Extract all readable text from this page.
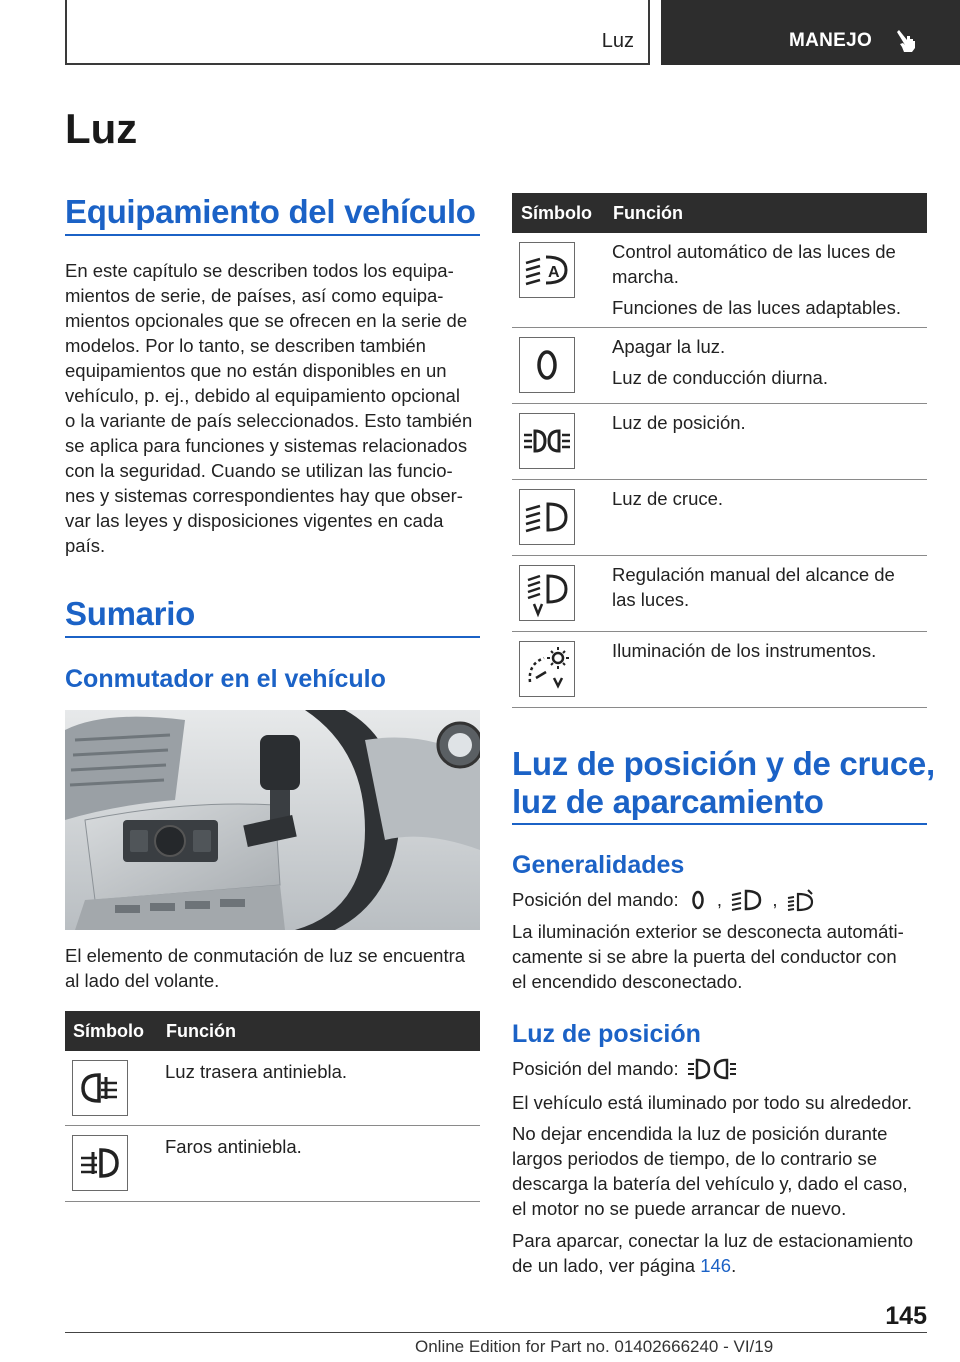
Luz	MANEJO
Luz
Equipamiento del vehículo
En este capítulo se describen todos los equipa-
mientos de serie, de países, así como equipa-
mientos opcionales que se ofrecen en la serie de
modelos. Por lo tanto, se describen también
equipamientos que no están disponibles en un
vehículo, p. ej., debido al equipamiento opcional
o la variante de país seleccionados. Esto también
se aplica para funciones y sistemas relacionados
con la seguridad. Cuando se utilizan las funcio-
nes y sistemas correspondientes hay que obser-
var las leyes y disposiciones vigentes en cada
país.
Sumario
Conmutador en el vehículo
El elemento de conmutación de luz se encuentra
al lado del volante.
Símbolo Función
Luz trasera antiniebla.
Faros antiniebla.
Símbolo Función
A
Control automático de las luces de
marcha.
Funciones de las luces adaptables.
Apagar la luz.
Luz de conducción diurna.
Luz de posición.
Luz de cruce.
Regulación manual del alcance de
las luces.
Iluminación de los instrumentos.
Luz de posición y de cruce,
luz de aparcamiento
Generalidades
Posición del mando: ,	,
La iluminación exterior se desconecta automáti-
camente si se abre la puerta del conductor con
el encendido desconectado.
Luz de posición
Posición del mando:
El vehículo está iluminado por todo su alrededor.
No dejar encendida la luz de posición durante
largos periodos de tiempo, de lo contrario se
descarga la batería del vehículo y, dado el caso,
el motor no se puede arrancar de nuevo.
Para aparcar, conectar la luz de estacionamiento
de un lado, ver página 146.
145
Online Edition for Part no. 01402666240 - VI/19
